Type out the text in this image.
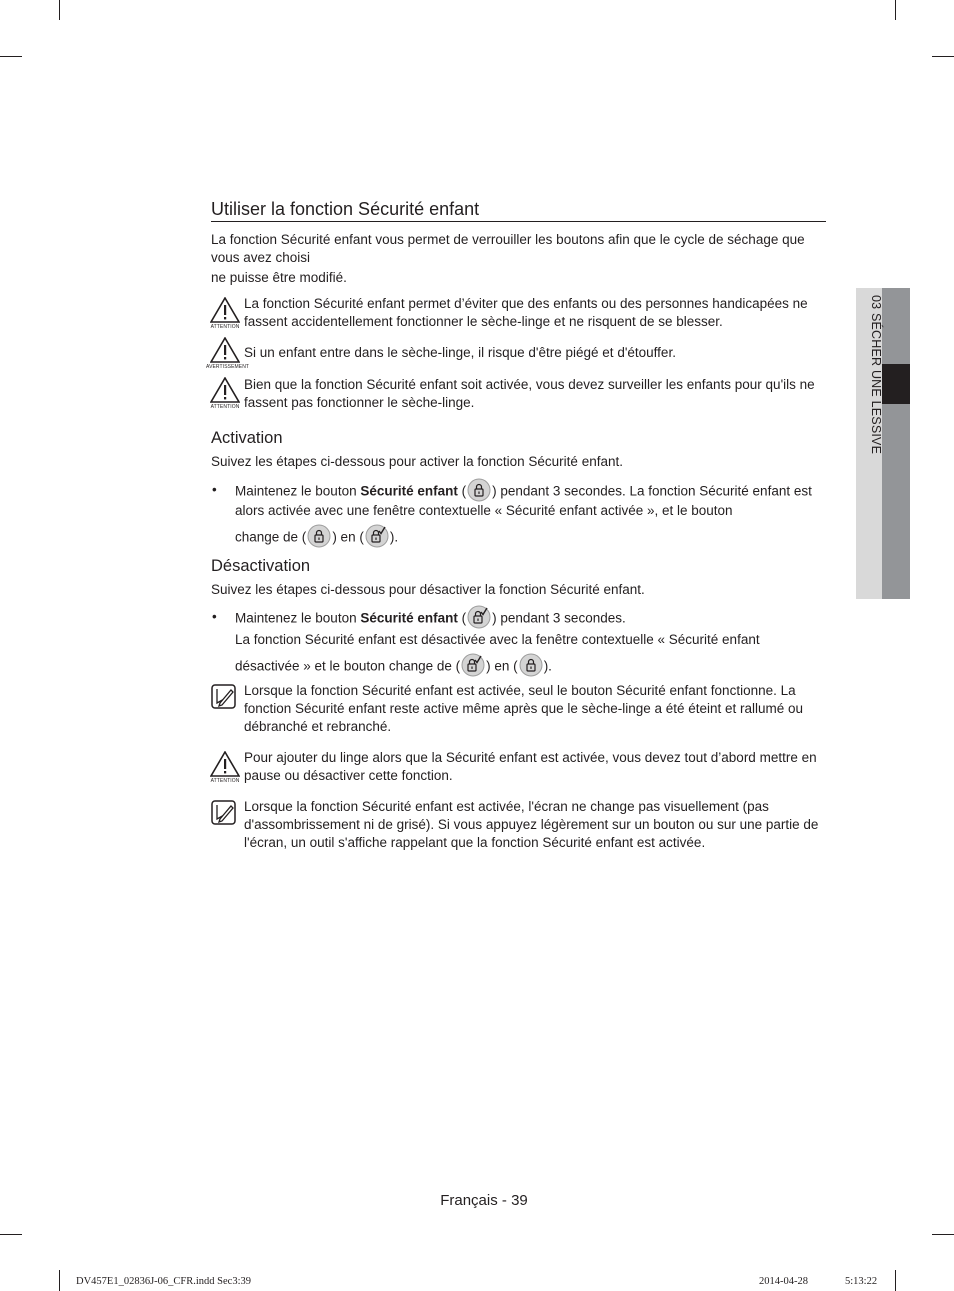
Utiliser la fonction Sécurité enfant
La fonction Sécurité enfant vous permet de verrouiller les boutons afin que le cycle de séchage que vous avez choisi
ne puisse être modifié.
ATTENTION
La fonction Sécurité enfant permet d’éviter que des enfants ou des personnes handicapées ne fassent accidentellement fonctionner le sèche-linge et ne risquent de se blesser.
AVERTISSEMENT
Si un enfant entre dans le sèche-linge, il risque d'être piégé et d'étouffer.
ATTENTION
Bien que la fonction Sécurité enfant soit activée, vous devez surveiller les enfants pour qu'ils ne fassent pas fonctionner le sèche-linge.
Activation
Suivez les étapes ci-dessous pour activer la fonction Sécurité enfant.
• Maintenez le bouton Sécurité enfant ( ) pendant 3 secondes. La fonction Sécurité enfant est alors activée avec une fenêtre contextuelle « Sécurité enfant activée », et le bouton
change de ( ) en ( ).
Désactivation
Suivez les étapes ci-dessous pour désactiver la fonction Sécurité enfant.
• Maintenez le bouton Sécurité enfant ( ) pendant 3 secondes.
La fonction Sécurité enfant est désactivée avec la fenêtre contextuelle « Sécurité enfant
désactivée » et le bouton change de ( ) en ( ).
Lorsque la fonction Sécurité enfant est activée, seul le bouton Sécurité enfant fonctionne. La fonction Sécurité enfant reste active même après que le sèche-linge a été éteint et rallumé ou débranché et rebranché.
ATTENTION
Pour ajouter du linge alors que la Sécurité enfant est activée, vous devez tout d’abord mettre en pause ou désactiver cette fonction.
Lorsque la fonction Sécurité enfant est activée, l'écran ne change pas visuellement (pas d'assombrissement ni de grisé). Si vous appuyez légèrement sur un bouton ou sur une partie de l'écran, un outil s'affiche rappelant que la fonction Sécurité enfant est activée.
03 SÉCHER UNE LESSIVE
Français - 39
DV457E1_02836J-06_CFR.indd Sec3:39	2014-04-28	5:13:22
